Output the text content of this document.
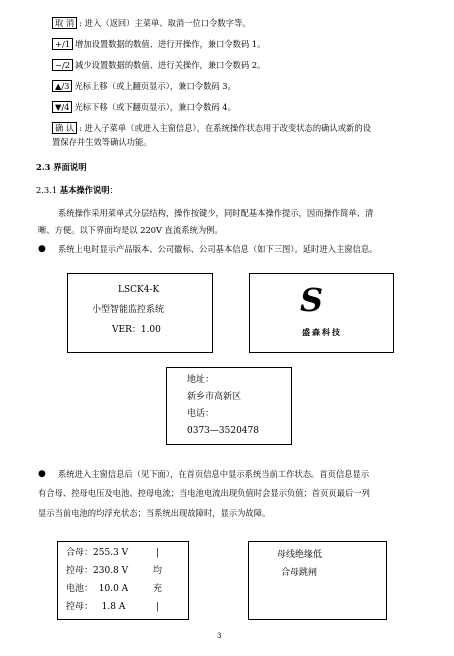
取 消 : 进入（返回）主菜单、取消一位口令数字等。
+/1 增加设置数据的数值、进行开操作，兼口令数码 1。
−/2 减少设置数据的数值、进行关操作，兼口令数码 2。
▲/3 光标上移（或上翻页显示），兼口令数码 3。
▼/4 光标下移（或下翻页显示），兼口令数码 4。
确 认 : 进入子菜单（或进入主窗信息），在系统操作状态用于改变状态的确认或新的设
置保存并生效等确认功能。
2.3 界面说明
2.3.1 基本操作说明：
系统操作采用菜单式分层结构，操作按键少，同时配基本操作提示，因而操作简单、清
晰、方便。以下界面均是以 220V 直流系统为例。
● 系统上电时显示产品版本、公司徽标、公司基本信息（如下三图）。延时进入主窗信息。
LSCK4-K
小型智能监控系统
VER：1.00
S
盛森科技
地址：
新乡市高新区
电话：
0373—3520478
● 系统进入主窗信息后（见下面），在首页信息中显示系统当前工作状态。首页信息显示
有合母、控母电压及电池、控母电流；当电池电流出现负值时会显示负值；首页页最后一列
显示当前电池的均浮充状态；当系统出现故障时，显示为故障。
合母：255.3 V	|
控母：230.8 V	均
电池： 10.0 A	充
控母： 1.8 A	|
母线绝缘低
合母跳闸
3
